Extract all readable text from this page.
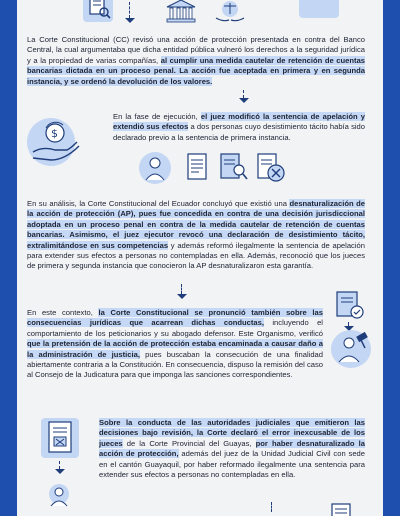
La Corte Constitucional (CC) revisó una acción de protección presentada en contra del Banco Central, la cual argumentaba que dicha entidad pública vulneró los derechos a la seguridad jurídica y a la propiedad de varias compañías, al cumplir una medida cautelar de retención de cuentas bancarias dictada en un proceso penal. La acción fue aceptada en primera y en segunda instancia, y se ordenó la devolución de los valores.

$

En la fase de ejecución, el juez modificó la sentencia de apelación y extendió sus efectos a dos personas cuyo desistimiento tácito había sido declarado previo a la sentencia de primera instancia.

En su análisis, la Corte Constitucional del Ecuador concluyó que existió una desnaturalización de la acción de protección (AP), pues fue concedida en contra de una decisión jurisdiccional adoptada en un proceso penal en contra de la medida cautelar de retención de cuentas bancarias. Asimismo, el juez ejecutor revocó una declaración de desistimiento tácito, extralimitándose en sus competencias y además reformó ilegalmente la sentencia de apelación para extender sus efectos a personas no contempladas en ella. Además, reconoció que los jueces de primera y segunda instancia que conocieron la AP desnaturalizaron esta garantía.

En este contexto, la Corte Constitucional se pronunció también sobre las consecuencias jurídicas que acarrean dichas conductas, incluyendo el comportamiento de los peticionarios y su abogado defensor. Este Organismo, verificó que la pretensión de la acción de protección estaba encaminada a causar daño a la administración de justicia, pues buscaban la consecución de una finalidad abiertamente contraria a la Constitución. En consecuencia, dispuso la remisión del caso al Consejo de la Judicatura para que imponga las sanciones correspondientes.

Sobre la conducta de las autoridades judiciales que emitieron las decisiones bajo revisión, la Corte declaró el error inexcusable de los jueces de la Corte Provincial del Guayas, por haber desnaturalizado la acción de protección, además del juez de la Unidad Judicial Civil con sede en el cantón Guayaquil, por haber reformado ilegalmente una sentencia para extender sus efectos a personas no contempladas en ella.
